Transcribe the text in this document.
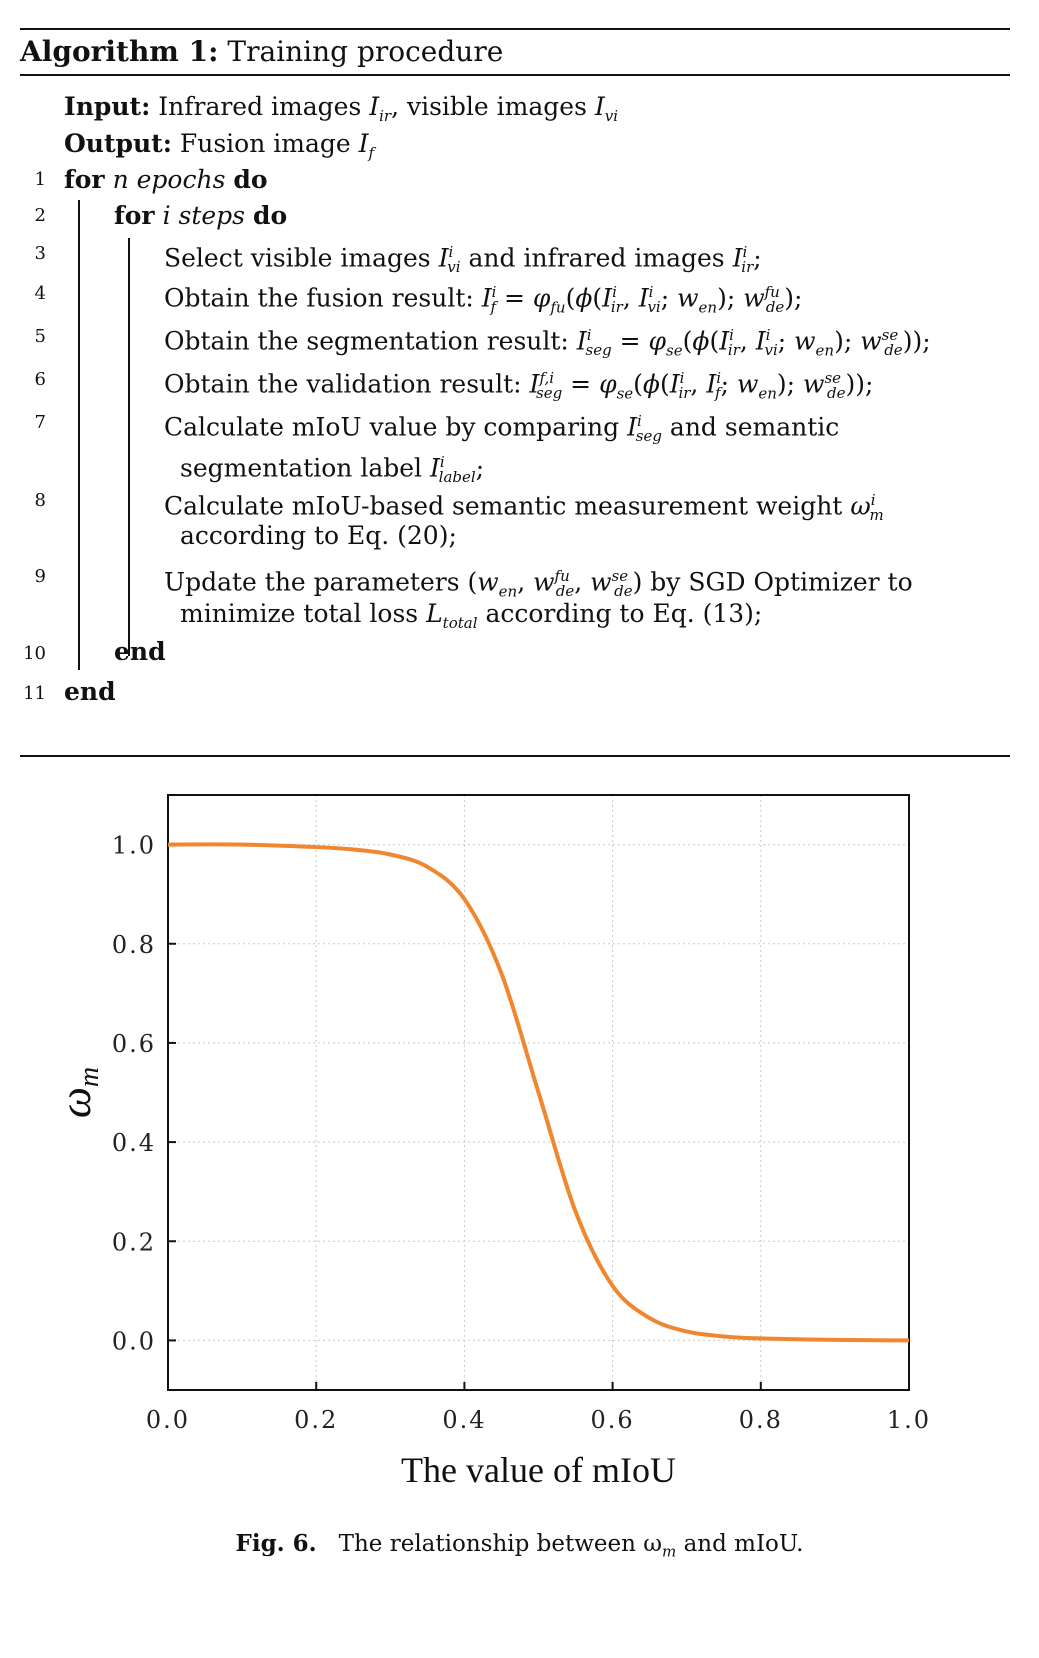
Algorithm 1: Training procedure
Input: Infrared images $I_{ir}$, visible images $I_{vi}$
Output: Fusion image $I_f$
1
2
3
4
5
6
7
8
9
10
11
for n epochs do
for i steps do
Select visible images $I^i_{vi}$ and infrared images $I^i_{ir}$;
Obtain the fusion result: $I^i_f = \varphi_{fu}(\phi(I^i_{ir}$, $I^i_{vi}$; $w_{en}$); $w^{fu}_{de}$);
Obtain the segmentation result: $I^i_{seg} = \varphi_{se}(\phi(I^i_{ir}$, $I^i_{vi}$; $w_{en}$); $w^{se}_{de}$));
Obtain the validation result: $I^{f,i}_{seg} = \varphi_{se}(\phi(I^i_{ir}$, $I^i_f$; $w_{en}$); $w^{se}_{de}$));
Calculate mIoU value by comparing $I^i_{seg}$ and semantic
segmentation label $I^i_{label}$;
Calculate mIoU-based semantic measurement weight $\omega^i_m$
according to Eq. (20);
Update the parameters ($w_{en}$, $w^{fu}_{de}$, $w^{se}_{de}$) by SGD Optimizer to
minimize total loss $L_{total}$ according to Eq. (13);
end
end
0.0	0.2	0.4	0.6	0.8	1.0
0.0
0.2
0.4
0.6
0.8
1.0
The value of mIoU
ωm
Fig. 6. The relationship between $\omega_m$ and mIoU.
